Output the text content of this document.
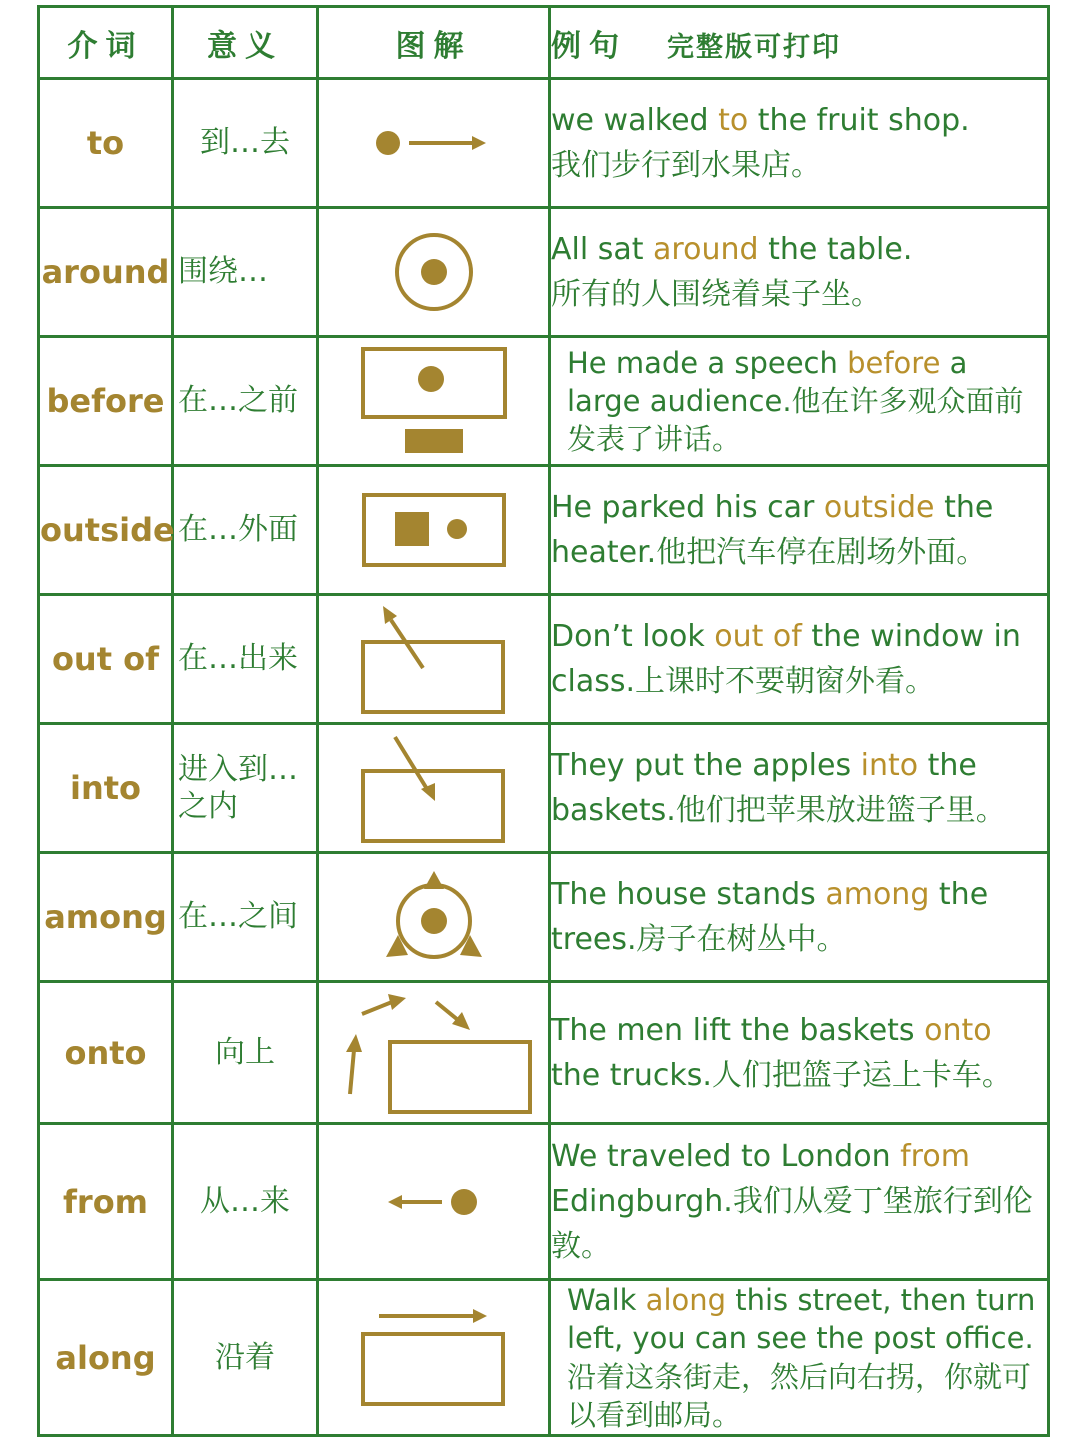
介词	意义	图解	例句 完整版可打印
to	到…去		we walked to the fruit shop.
我们步行到水果店。
around	围绕…		All sat around the table.
所有的人围绕着桌子坐。
before	在…之前		He made a speech before a large audience.他在许多观众面前发表了讲话。
outside	在…外面		He parked his car outside the heater.他把汽车停在剧场外面。
out of	在…出来		Don’t look out of the window in class.上课时不要朝窗外看。
into	进入到…之内		They put the apples into the baskets.他们把苹果放进篮子里。
among	在…之间		The house stands among the trees.房子在树丛中。
onto	向上		The men lift the baskets onto the trucks.人们把篮子运上卡车。
from	从…来		We traveled to London from Edingburgh.我们从爱丁堡旅行到伦敦。
along	沿着		Walk along this street, then turn left, you can see the post office.沿着这条街走，然后向右拐，你就可以看到邮局。
